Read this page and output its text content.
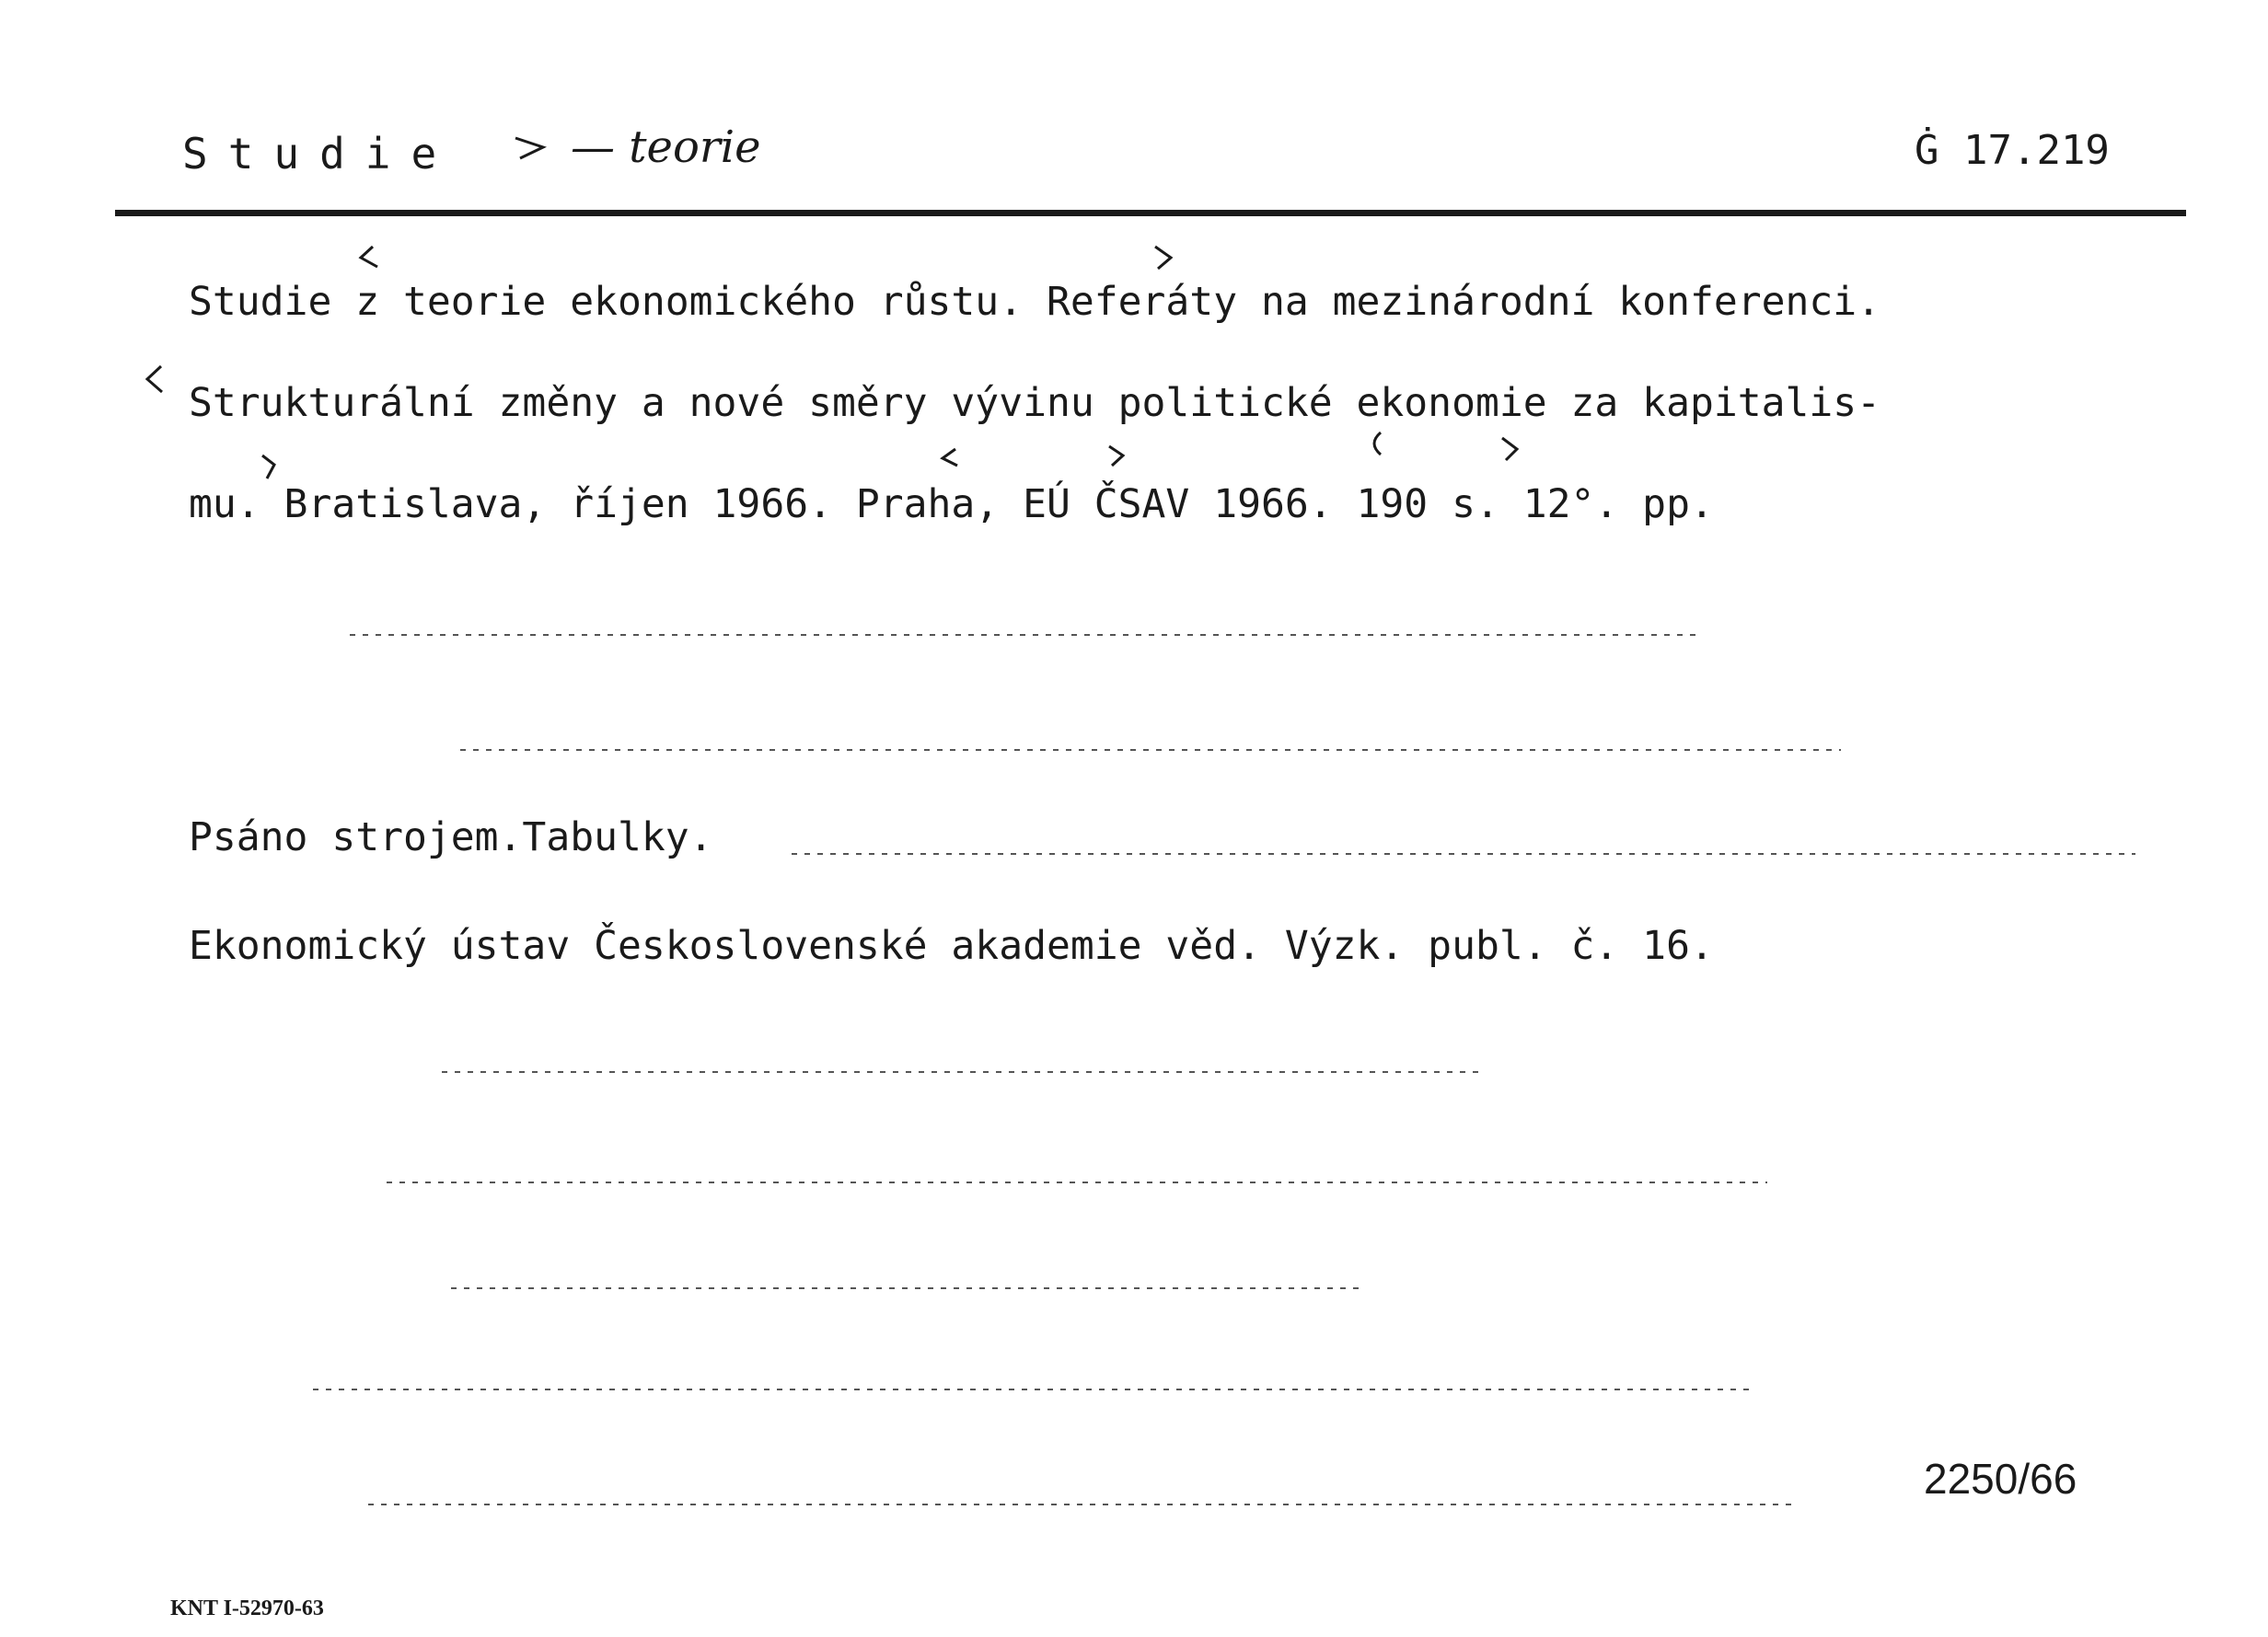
Studie	— teorie	Ġ 17.219
Studie z teorie ekonomického růstu. Referáty na mezinárodní konferenci.
Strukturální změny a nové směry vývinu politické ekonomie za kapitalis-
mu. Bratislava, říjen 1966. Praha, EÚ ČSAV 1966. 190 s. 12°. pp.
Psáno strojem.Tabulky.
Ekonomický ústav Československé akademie věd. Výzk. publ. č. 16.
2250/66
KNT I-52970-63
